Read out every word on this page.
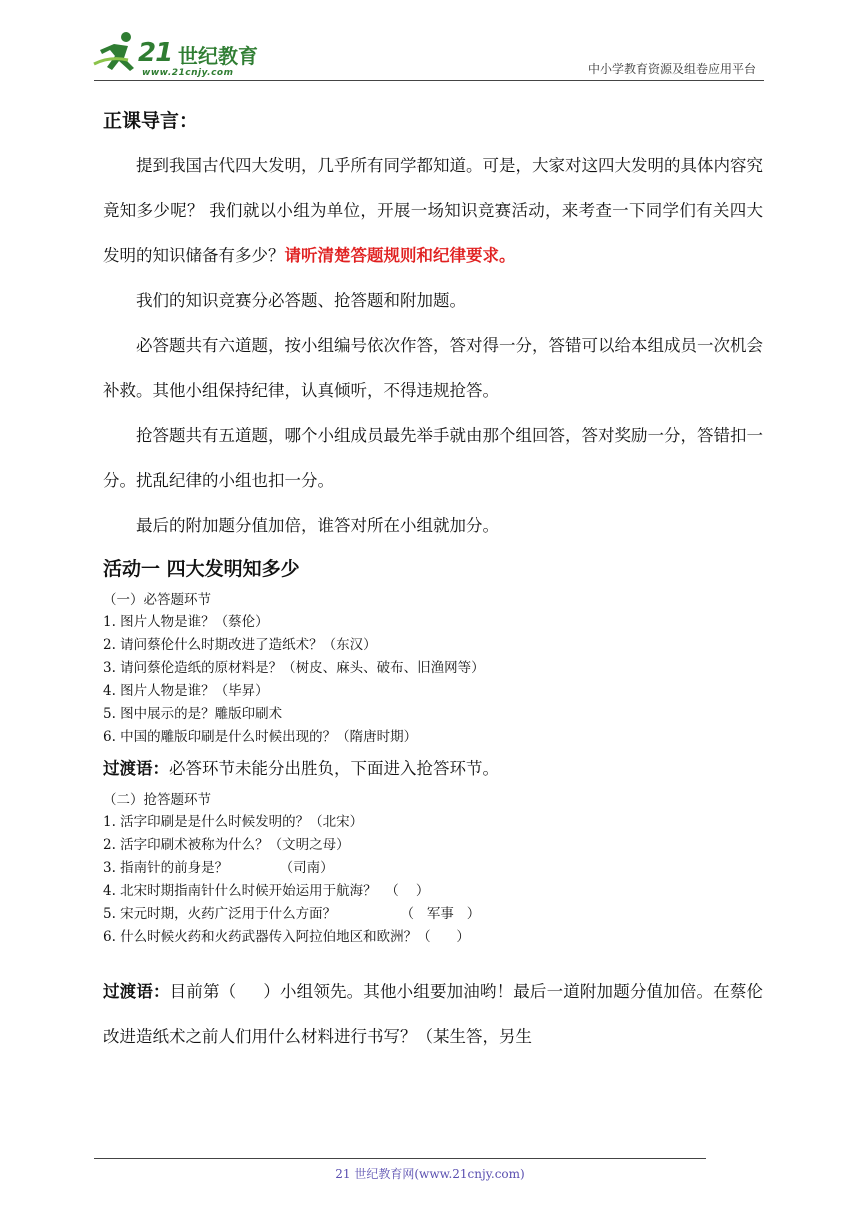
21 世纪教育
www.21cnjy.com	中小学教育资源及组卷应用平台

正课导言：

提到我国古代四大发明，几乎所有同学都知道。可是，大家对这四大发明的具体内容究竟知多少呢？ 我们就以小组为单位，开展一场知识竞赛活动，来考查一下同学们有关四大发明的知识储备有多少？请听清楚答题规则和纪律要求。

我们的知识竞赛分必答题、抢答题和附加题。

必答题共有六道题，按小组编号依次作答，答对得一分，答错可以给本组成员一次机会补救。其他小组保持纪律，认真倾听，不得违规抢答。

抢答题共有五道题，哪个小组成员最先举手就由那个组回答，答对奖励一分，答错扣一分。扰乱纪律的小组也扣一分。

最后的附加题分值加倍，谁答对所在小组就加分。

活动一 四大发明知多少

（一）必答题环节

1. 图片人物是谁？（蔡伦）
2. 请问蔡伦什么时期改进了造纸术？（东汉）
3. 请问蔡伦造纸的原材料是？（树皮、麻头、破布、旧渔网等）
4. 图片人物是谁？（毕昇）
5. 图中展示的是？雕版印刷术
6. 中国的雕版印刷是什么时候出现的？（隋唐时期）

过渡语：必答环节未能分出胜负，下面进入抢答环节。

（二）抢答题环节

1. 活字印刷是是什么时候发明的？（北宋）
2. 活字印刷术被称为什么？（文明之母）
3. 指南针的前身是？            （司南）
4. 北宋时期指南针什么时候开始运用于航海？  （    ）
5. 宋元时期，火药广泛用于什么方面？               （   军事   ）
6. 什么时候火药和火药武器传入阿拉伯地区和欧洲？（      ）

过渡语：目前第（     ）小组领先。其他小组要加油哟！最后一道附加题分值加倍。在蔡伦改进造纸术之前人们用什么材料进行书写？（某生答，另生

21 世纪教育网(www.21cnjy.com)
